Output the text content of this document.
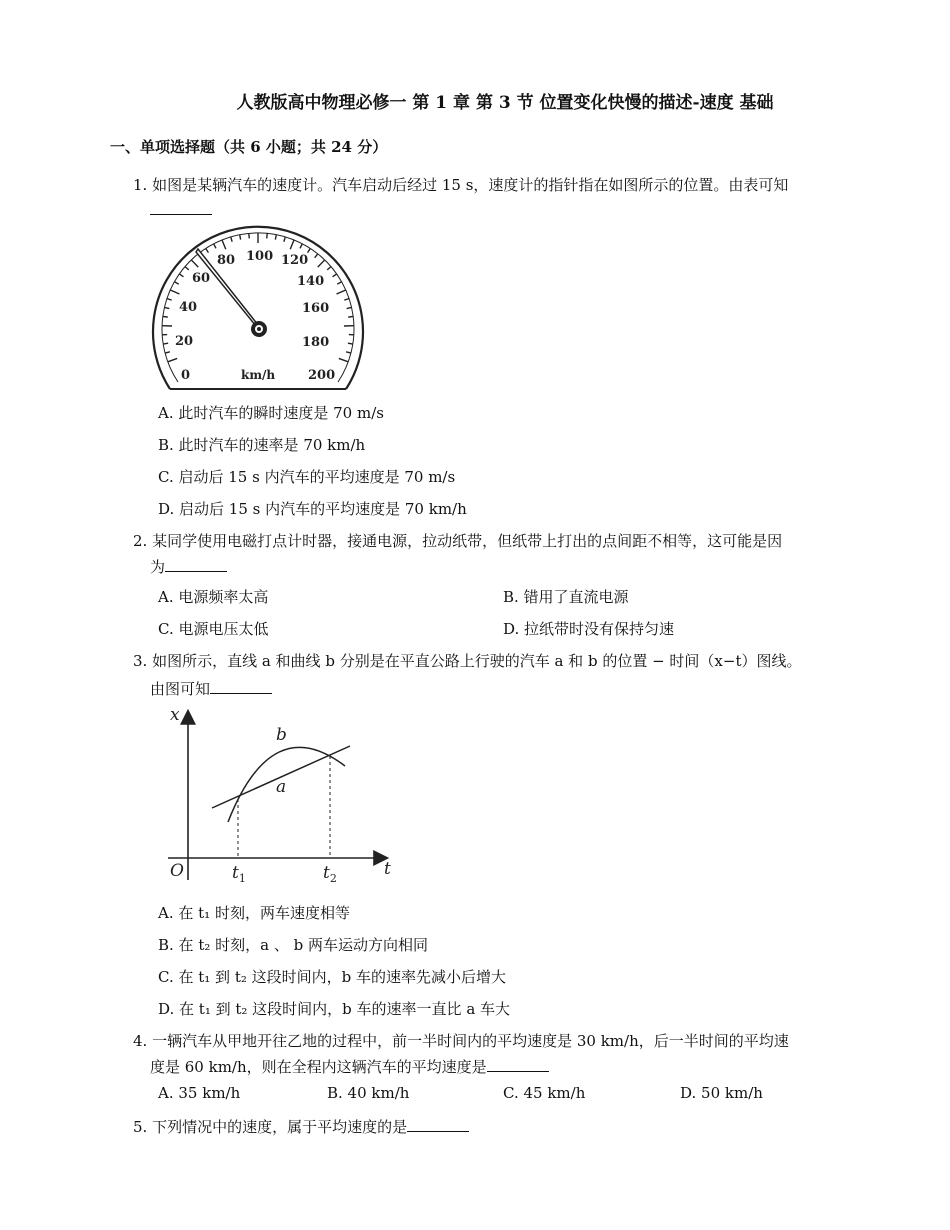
人教版高中物理必修一 第 1 章 第 3 节 位置变化快慢的描述-速度 基础
一、单项选择题（共 6 小题；共 24 分）
1. 如图是某辆汽车的速度计。汽车启动后经过 15 s，速度计的指针指在如图所示的位置。由表可知
0
20
40
60
80 100 120
140
160
180
200
km/h
A. 此时汽车的瞬时速度是 70 m/s
B. 此时汽车的速率是 70 km/h
C. 启动后 15 s 内汽车的平均速度是 70 m/s
D. 启动后 15 s 内汽车的平均速度是 70 km/h
2. 某同学使用电磁打点计时器，接通电源，拉动纸带，但纸带上打出的点间距不相等，这可能是因
为
A. 电源频率太高	B. 错用了直流电源
C. 电源电压太低	D. 拉纸带时没有保持匀速
3. 如图所示，直线 a 和曲线 b 分别是在平直公路上行驶的汽车 a 和 b 的位置 − 时间（x−t）图线。
由图可知
x
t
O
b
a
$t_1$	$t_2$
A. 在 t₁ 时刻，两车速度相等
B. 在 t₂ 时刻，a 、 b 两车运动方向相同
C. 在 t₁ 到 t₂ 这段时间内，b 车的速率先减小后增大
D. 在 t₁ 到 t₂ 这段时间内，b 车的速率一直比 a 车大
4. 一辆汽车从甲地开往乙地的过程中，前一半时间内的平均速度是 30 km/h，后一半时间的平均速
度是 60 km/h，则在全程内这辆汽车的平均速度是
A. 35 km/h	B. 40 km/h	C. 45 km/h	D. 50 km/h
5. 下列情况中的速度，属于平均速度的是
